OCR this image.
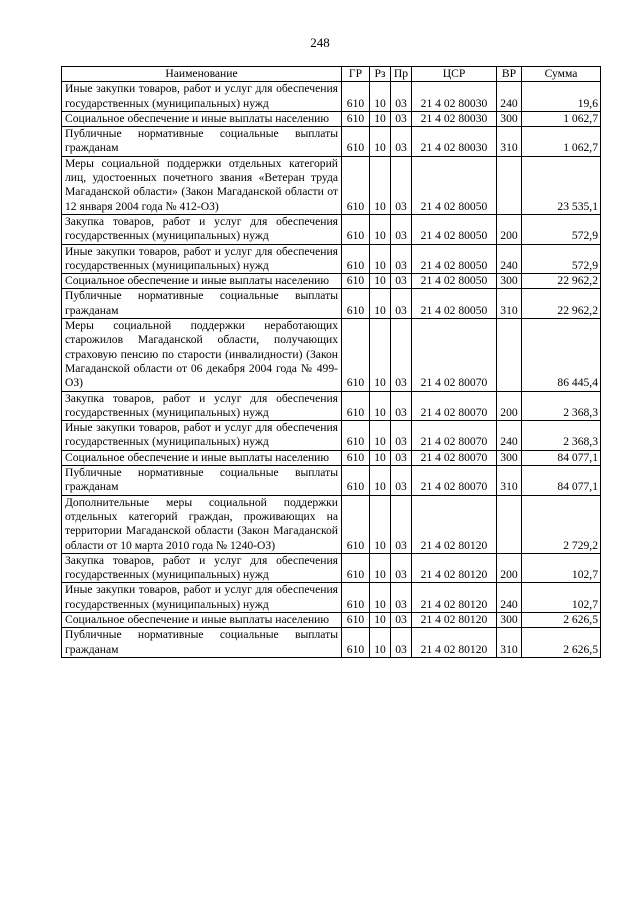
248
Наименование	ГР	Рз	Пр	ЦСР	ВР	Сумма
Иные закупки товаров, работ и услуг для обеспечения государственных (муниципальных) нужд	610	10	03	21 4 02 80030	240	19,6
Социальное обеспечение и иные выплаты населению	610	10	03	21 4 02 80030	300	1 062,7
Публичные нормативные социальные выплаты гражданам	610	10	03	21 4 02 80030	310	1 062,7
Меры социальной поддержки отдельных категорий лиц, удостоенных почетного звания «Ветеран труда Магаданской области» (Закон Магаданской области от 12 января 2004 года № 412-ОЗ)	610	10	03	21 4 02 80050		23 535,1
Закупка товаров, работ и услуг для обеспечения государственных (муниципальных) нужд	610	10	03	21 4 02 80050	200	572,9
Иные закупки товаров, работ и услуг для обеспечения государственных (муниципальных) нужд	610	10	03	21 4 02 80050	240	572,9
Социальное обеспечение и иные выплаты населению	610	10	03	21 4 02 80050	300	22 962,2
Публичные нормативные социальные выплаты гражданам	610	10	03	21 4 02 80050	310	22 962,2
Меры социальной поддержки неработающих старожилов Магаданской области, получающих страховую пенсию по старости (инвалидности) (Закон Магаданской области от 06 декабря 2004 года № 499-ОЗ)	610	10	03	21 4 02 80070		86 445,4
Закупка товаров, работ и услуг для обеспечения государственных (муниципальных) нужд	610	10	03	21 4 02 80070	200	2 368,3
Иные закупки товаров, работ и услуг для обеспечения государственных (муниципальных) нужд	610	10	03	21 4 02 80070	240	2 368,3
Социальное обеспечение и иные выплаты населению	610	10	03	21 4 02 80070	300	84 077,1
Публичные нормативные социальные выплаты гражданам	610	10	03	21 4 02 80070	310	84 077,1
Дополнительные меры социальной поддержки отдельных категорий граждан, проживающих на территории Магаданской области (Закон Магаданской области от 10 марта 2010 года № 1240-ОЗ)	610	10	03	21 4 02 80120		2 729,2
Закупка товаров, работ и услуг для обеспечения государственных (муниципальных) нужд	610	10	03	21 4 02 80120	200	102,7
Иные закупки товаров, работ и услуг для обеспечения государственных (муниципальных) нужд	610	10	03	21 4 02 80120	240	102,7
Социальное обеспечение и иные выплаты населению	610	10	03	21 4 02 80120	300	2 626,5
Публичные нормативные социальные выплаты гражданам	610	10	03	21 4 02 80120	310	2 626,5
